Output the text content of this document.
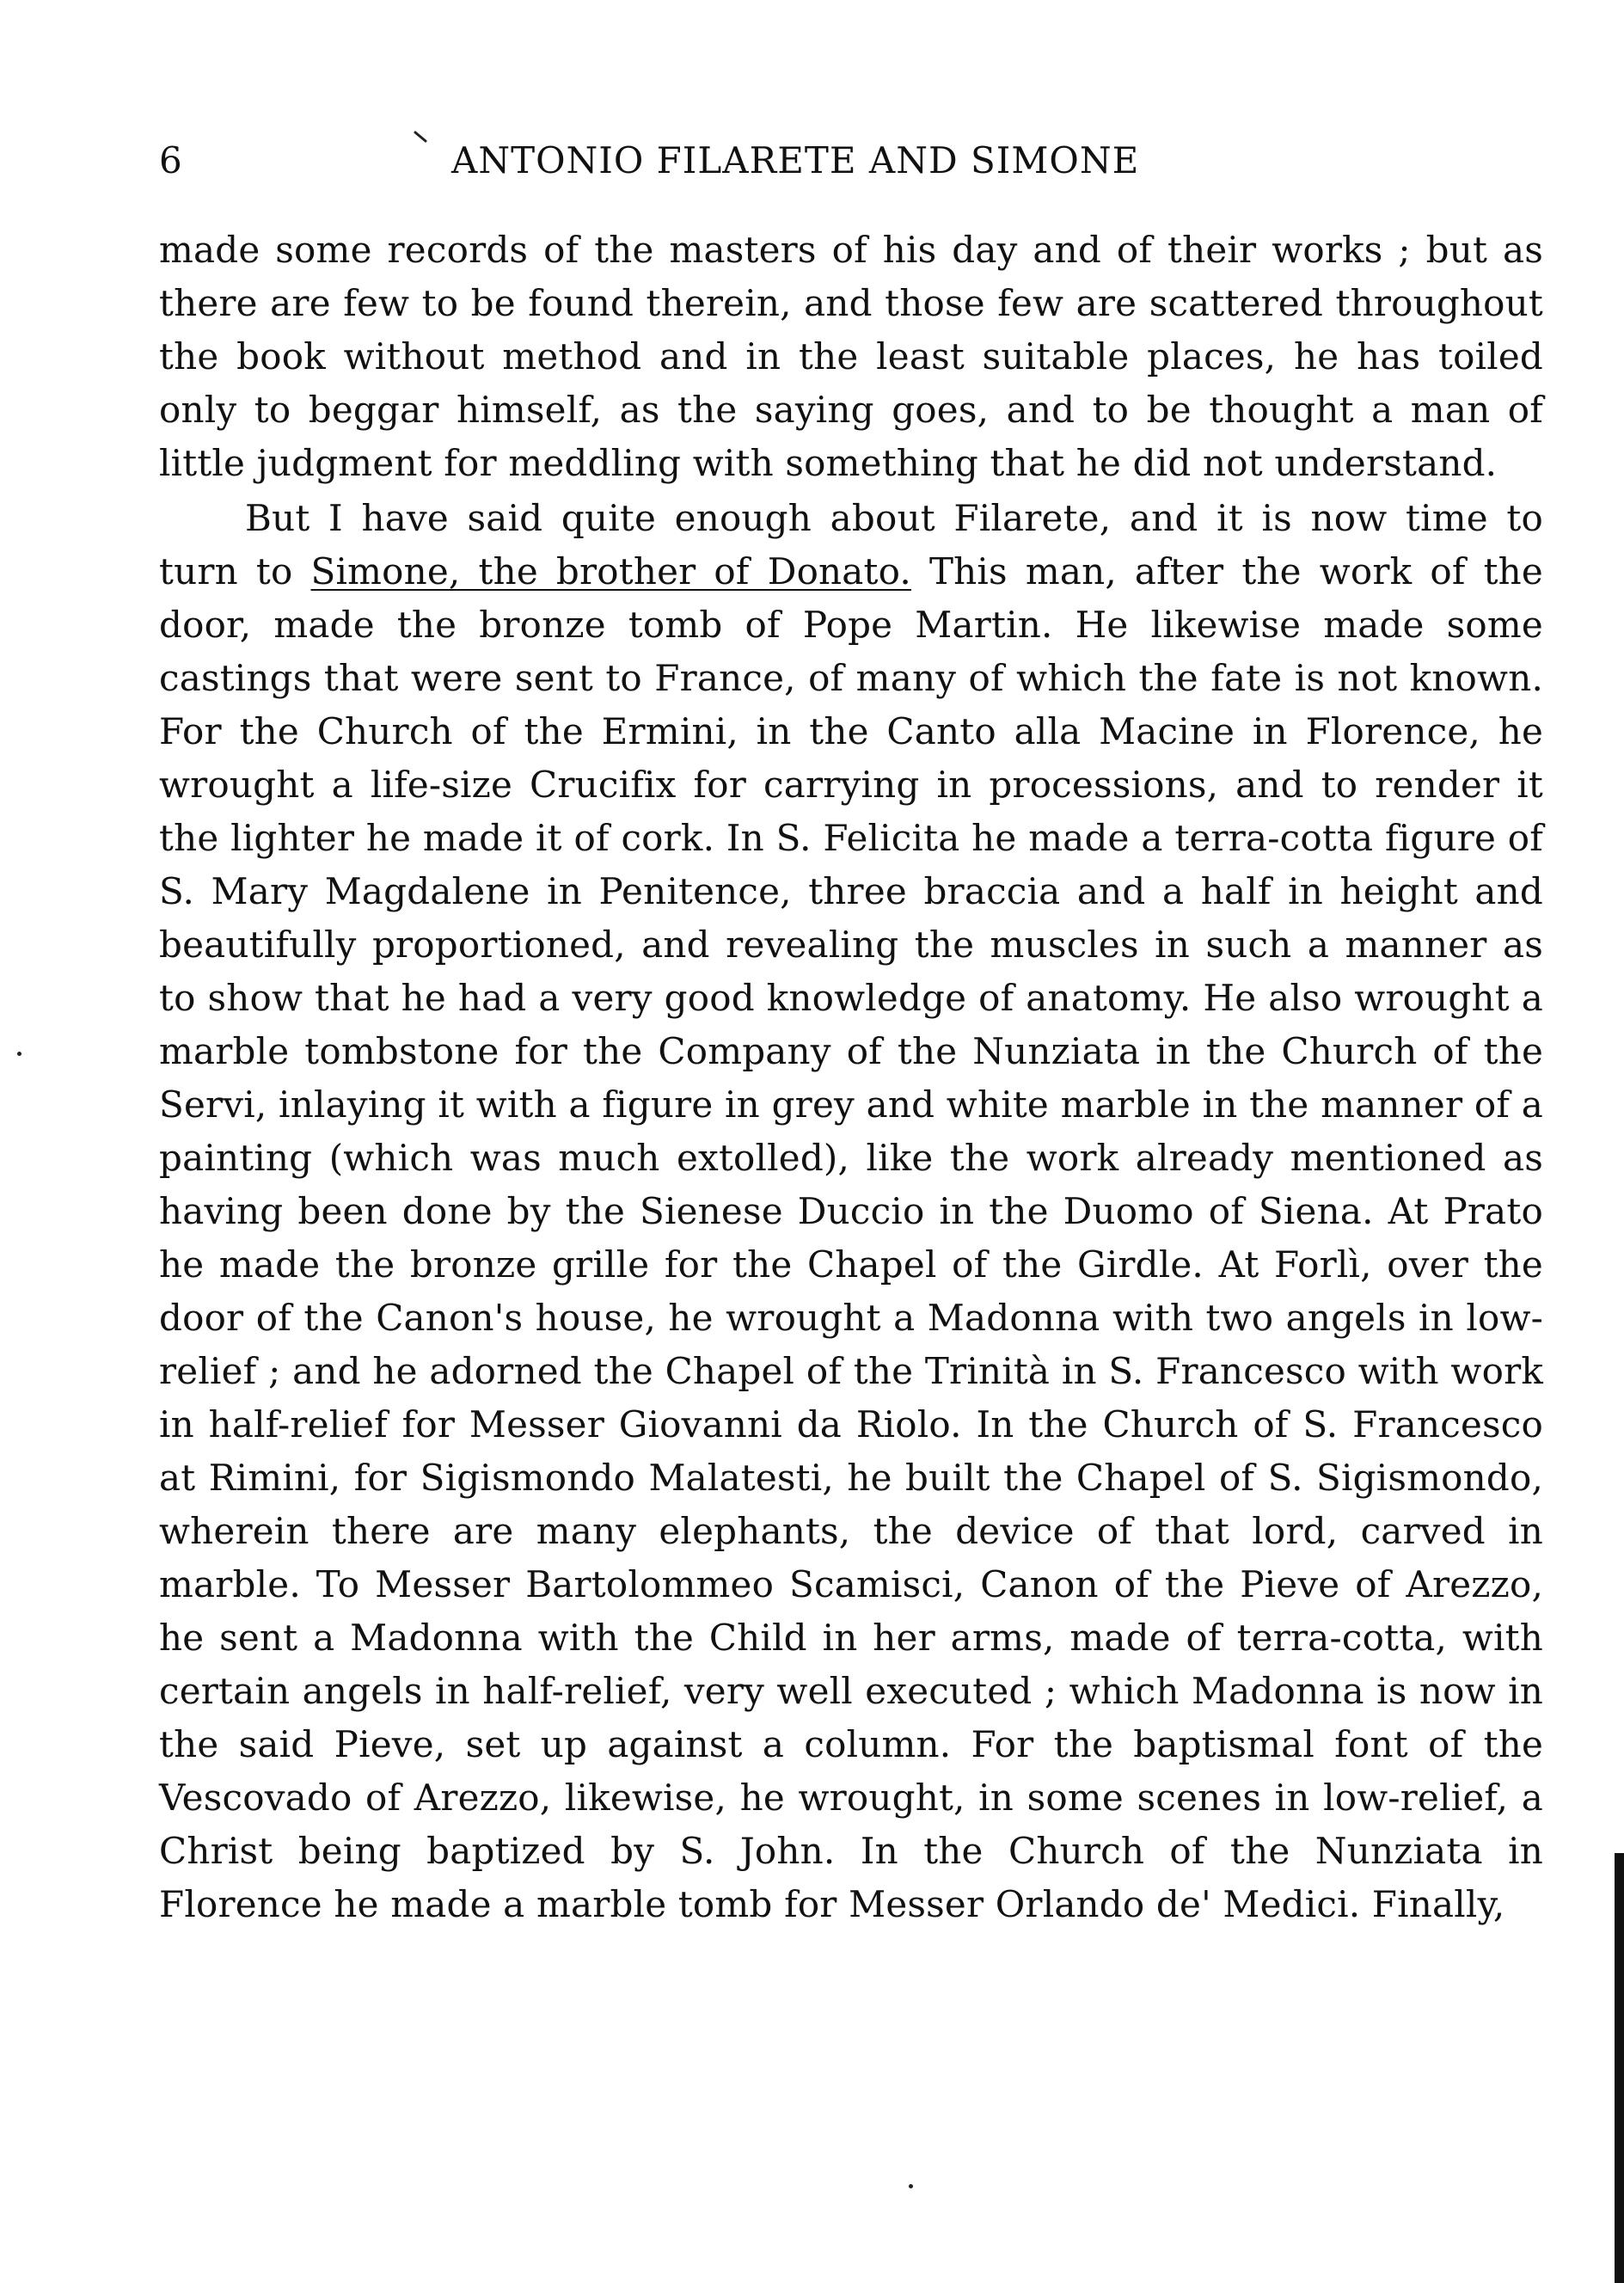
6	ANTONIO FILARETE AND SIMONE

made some records of the masters of his day and of their works ; but as there are few to be found therein, and those few are scattered throughout the book without method and in the least suitable places, he has toiled only to beggar himself, as the saying goes, and to be thought a man of little judgment for meddling with something that he did not understand.

But I have said quite enough about Filarete, and it is now time to turn to Simone, the brother of Donato. This man, after the work of the door, made the bronze tomb of Pope Martin. He likewise made some castings that were sent to France, of many of which the fate is not known. For the Church of the Ermini, in the Canto alla Macine in Florence, he wrought a life-size Crucifix for carrying in processions, and to render it the lighter he made it of cork. In S. Felicita he made a terra-cotta figure of S. Mary Magdalene in Penitence, three braccia and a half in height and beautifully proportioned, and revealing the muscles in such a manner as to show that he had a very good knowledge of anatomy. He also wrought a marble tombstone for the Company of the Nunziata in the Church of the Servi, inlaying it with a figure in grey and white marble in the manner of a painting (which was much extolled), like the work already mentioned as having been done by the Sienese Duccio in the Duomo of Siena. At Prato he made the bronze grille for the Chapel of the Girdle. At Forlì, over the door of the Canon's house, he wrought a Madonna with two angels in low-relief ; and he adorned the Chapel of the Trinità in S. Francesco with work in half-relief for Messer Giovanni da Riolo. In the Church of S. Francesco at Rimini, for Sigismondo Malatesti, he built the Chapel of S. Sigismondo, wherein there are many elephants, the device of that lord, carved in marble. To Messer Bartolommeo Scamisci, Canon of the Pieve of Arezzo, he sent a Madonna with the Child in her arms, made of terra-cotta, with certain angels in half-relief, very well executed ; which Madonna is now in the said Pieve, set up against a column. For the baptismal font of the Vescovado of Arezzo, likewise, he wrought, in some scenes in low-relief, a Christ being baptized by S. John. In the Church of the Nunziata in Florence he made a marble tomb for Messer Orlando de' Medici. Finally,
